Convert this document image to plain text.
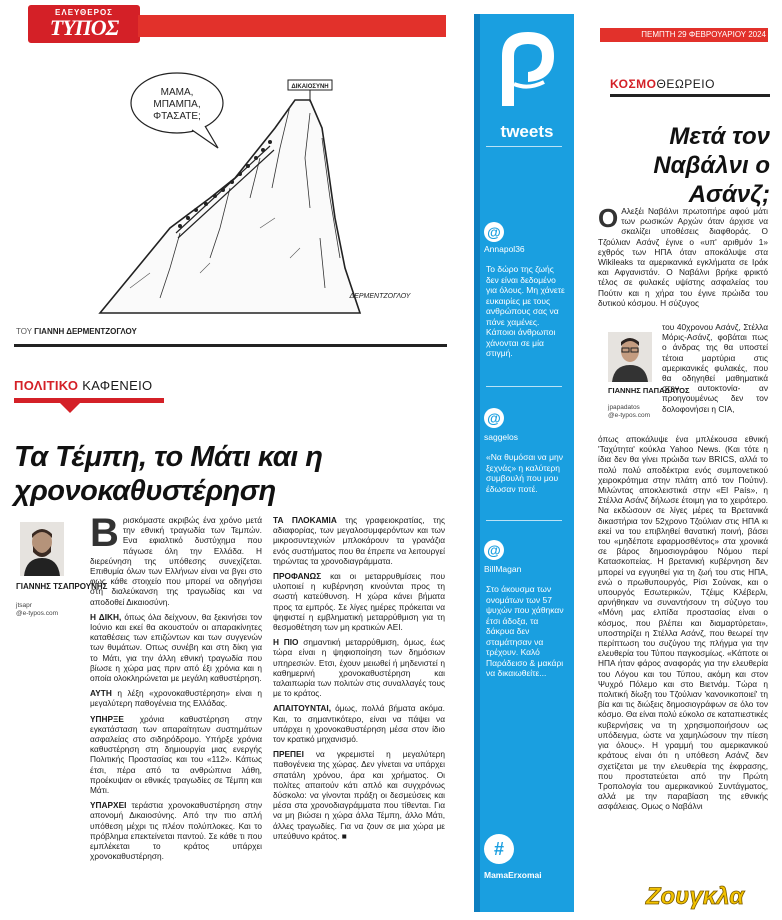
ΕΛΕΥΘΕΡΟΣ
ΤΥΠΟΣ
ΔΙΚΑΙΟΣΥΝΗ
ΜΑΜΑ,
ΜΠΑΜΠΑ,
ΦΤΑΣΑΤΕ;
ΔΕΡΜΕΝΤΖΟΓΛΟΥ
ΤΟΥ ΓΙΑΝΝΗ ΔΕΡΜΕΝΤΖΟΓΛΟΥ
ΠΟΛΙΤΙΚΟ ΚΑΦΕΝΕΙΟ
Τα Τέμπη, το Μάτι και η χρονοκαθυστέρηση
ΓΙΑΝΝΗΣ ΤΣΑΠΡΟΥΝΗΣ
jtsapr
@e-typos.com

Βρισκόμαστε ακριβώς ένα χρόνο μετά την εθνική τραγωδία των Τεμπών. Ενα εφιαλτικό δυστύχημα που πάγωσε όλη την Ελλάδα. Η διερεύνηση της υπόθεσης συνεχίζεται. Επιθυμία όλων των Ελλήνων είναι να βγει στο φως κάθε στοιχείο που μπορεί να οδηγήσει στη διαλεύκανση της τραγωδίας και να αποδοθεί Δικαιοσύνη.

Η ΔΙΚΗ, όπως όλα δείχνουν, θα ξεκινήσει τον Ιούνιο και εκεί θα ακουστούν οι απαρακίνητες καταθέσεις των επιζώντων και των συγγενών των θυμάτων. Οπως συνέβη και στη δίκη για το Μάτι, για την άλλη εθνική τραγωδία που βίωσε η χώρα μας πριν από έξι χρόνια και η οποία ολοκληρώνεται με μεγάλη καθυστέρηση.

ΑΥΤΗ η λέξη «χρονοκαθυστέρηση» είναι η μεγαλύτερη παθογένεια της Ελλάδας.

ΥΠΗΡΞΕ χρόνια καθυστέρηση στην εγκατάσταση των απαραίτητων συστημάτων ασφαλείας στο σιδηρόδρομο. Υπήρξε χρόνια καθυστέρηση στη δημιουργία μιας ενεργής Πολιτικής Προστασίας και του «112». Κάπως έτσι, πέρα από τα ανθρώπινα λάθη, προέκυψαν οι εθνικές τραγωδίες σε Τέμπη και Μάτι.

ΥΠΑΡΧΕΙ τεράστια χρονοκαθυστέρηση στην απονομή Δικαιοσύνης. Από την πιο απλή υπόθεση μέχρι τις πλέον πολύπλοκες. Και το πρόβλημα επεκτείνεται παντού. Σε κάθε τι που εμπλέκεται το κράτος υπάρχει χρονοκαθυστέρηση.

ΤΑ ΠΛΟΚΑΜΙΑ της γραφειοκρατίας, της αδιαφορίας, των μεγαλοσυμφερόντων και των μικροσυντεχνιών μπλοκάρουν τα γρανάζια ενός συστήματος που θα έπρεπε να λειτουργεί τηρώντας τα χρονοδιαγράμματα.

ΠΡΟΦΑΝΩΣ και οι μεταρρυθμίσεις που υλοποιεί η κυβέρνηση κινούνται προς τη σωστή κατεύθυνση. Η χώρα κάνει βήματα προς τα εμπρός. Σε λίγες ημέρες πρόκειται να ψηφιστεί η εμβληματική μεταρρύθμιση για τη θεσμοθέτηση των μη κρατικών ΑΕΙ.

Η ΠΙΟ σημαντική μεταρρύθμιση, όμως, έως τώρα είναι η ψηφιοποίηση των δημόσιων υπηρεσιών. Ετσι, έχουν μειωθεί ή μηδενιστεί η καθημερινή χρονοκαθυστέρηση και ταλαιπωρία των πολιτών στις συναλλαγές τους με το κράτος.

ΑΠΑΙΤΟΥΝΤΑΙ, όμως, πολλά βήματα ακόμα. Και, το σημαντικότερο, είναι να πάψει να υπάρχει η χρονοκαθυστέρηση μέσα στον ίδιο τον κρατικό μηχανισμό.

ΠΡΕΠΕΙ να γκρεμιστεί η μεγαλύτερη παθογένεια της χώρας. Δεν γίνεται να υπάρχει σπατάλη χρόνου, άρα και χρήματος. Οι πολίτες απαιτούν κάτι απλό και συγχρόνως δύσκολο: να γίνονται πράξη οι δεσμεύσεις και μέσα στα χρονοδιαγράμματα που τίθενται. Για να μη βιώσει η χώρα άλλα Τέμπη, άλλο Μάτι, άλλες τραγωδίες. Για να ζουν σε μια χώρα με υπεύθυνο κράτος. ■

tweets
@
Annapol36
Το δώρο της ζωής δεν είναι δεδομένο για όλους. Μη χάνετε ευκαιρίες με τους ανθρώπους σας να πάνε χαμένες. Κάποιοι άνθρωποι χάνονται σε μία στιγμή.
@
saggelos
«Να θυμόσαι να μην ξεχνάς» η καλύτερη συμβουλή που μου έδωσαν ποτέ.
@
BillMagan
Στο άκουσμα των ονομάτων των 57 ψυχών που χάθηκαν έτσι άδοξα, τα δάκρυα δεν σταμάτησαν να τρέχουν. Καλό Παράδεισο & μακάρι να δικαιωθείτε...
#
MamaErxomai
ΠΕΜΠΤΗ 29 ΦΕΒΡΟΥΑΡΙΟΥ 2024
ΚΟΣΜΟΘΕΩΡΕΙΟ
Μετά τον Ναβάλνι ο Ασάνζ;

Ο Αλεξέι Ναβάλνι πρωτοπήρε αφού μάτι των ρωσικών Αρχών όταν άρχισε να σκαλίζει υποθέσεις διαφθοράς. Ο Τζούλιαν Ασάνζ έγινε ο «υπ' αριθμόν 1» εχθρός των ΗΠΑ όταν αποκάλυψε στα Wikileaks τα αμερικανικά εγκλήματα σε Ιράκ και Αφγανιστάν. Ο Ναβάλνι βρήκε φρικτό τέλος σε φυλακές υψίστης ασφαλείας του Πούτιν και η χήρα του έγινε πρώιδα του δυτικού κόσμου. Η σύζυγος

ΓΙΑΝΝΗΣ ΠΑΠΑΔΑΤΟΣ
jpapadatos
@e-typos.com
του 40χρονου Ασάνζ, Στέλλα Μόρις-Ασάνζ, φοβάται πως ο άνδρας της θα υποστεί τέτοια μαρτύρια στις αμερικανικές φυλακές, που θα οδηγηθεί μαθηματικά στην αυτοκτονία- αν προηγουμένως δεν τον δολοφονήσει η CIA,
όπως αποκάλυψε ένα μπλέκουσα εθνική 'Ταχύτητα' κούκλα Yahoo News. (Και τότε η ίδια δεν θα γίνει πρώιδα των BRICS, αλλά το πολύ πολύ αποδέκτρια ενός συμπονετικού χειροκρότημα στην πλάτη από τον Πούτιν). Μιλώντας αποκλειστικά στην «El País», η Στέλλα Ασάνζ δήλωσε έτοιμη για το χειρότερο. Να εκδώσουν σε λίγες μέρες τα Βρετανικά δικαστήρια τον 52χρονο Τζούλιαν στις ΗΠΑ κι εκεί να του επιβληθεί θανατική ποινή, βάσει του «μηδέποτε εφαρμοσθέντος» στα χρονικά σε βάρος δημοσιογράφου Νόμου περί Κατασκοπείας. Η βρετανική κυβέρνηση δεν μπορεί να εγγυηθεί για τη ζωή του στις ΗΠΑ, ενώ ο πρωθυπουργός, Ρίσι Σούνακ, και ο υπουργός Εσωτερικών, Τζέιμς Κλέβερλι, αρνήθηκαν να συναντήσουν τη σύζυγο του «Μόνη μας ελπίδα προστασίας είναι ο κόσμος, που βλέπει και διαμαρτύρεται», υποστηρίζει η Στέλλα Ασάνζ, που θεωρεί την περίπτωση του συζύγου της πλήγμα για την ελευθερία του Τύπου παγκοσμίως. «Κάποτε οι ΗΠΑ ήταν φάρος αναφοράς για την ελευθερία του Λόγου και του Τύπου, ακόμη και στον Ψυχρό Πόλεμο και στο Βιετνάμ. Τώρα η πολιτική δίωξη του Τζούλιαν 'κανονικοποιεί' τη βία και τις διώξεις δημοσιογράφων σε όλο τον κόσμο. Θα είναι πολύ εύκολο σε καταπιεστικές κυβερνήσεις να τη χρησιμοποιήσουν ως υπόδειγμα, ώστε να χαμηλώσουν την πίεση για όλους». Η γραμμή του αμερικανικού κράτους είναι ότι η υπόθεση Ασάνζ δεν σχετίζεται με την ελευθερία της έκφρασης, που προστατεύεται από την Πρώτη Τροπολογία του αμερικανικού Συντάγματος, αλλά με την παραβίαση της εθνικής ασφάλειας. Ομως ο Ναβάλνι
Ζουγκλα
